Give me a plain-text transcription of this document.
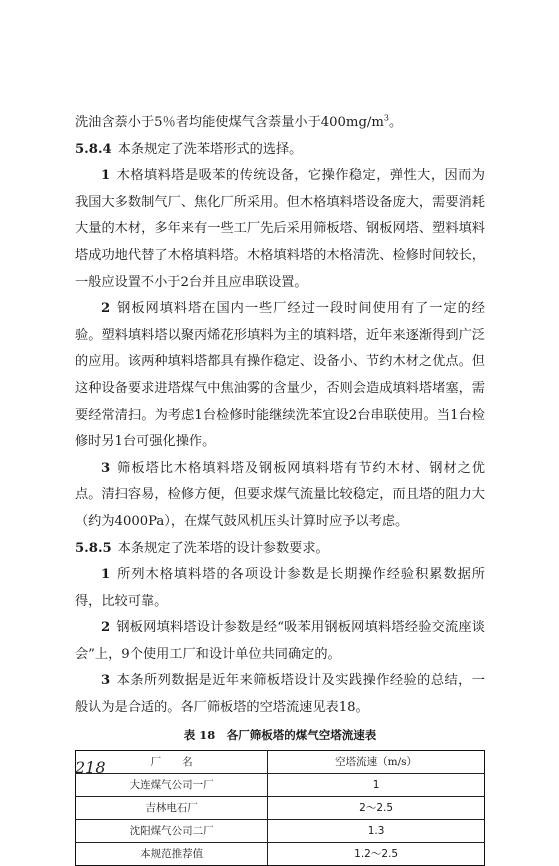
洗油含萘小于5％者均能使煤气含萘量小于$400mg/m^3$。

5.8.4 本条规定了洗苯塔形式的选择。

1 木格填料塔是吸苯的传统设备，它操作稳定，弹性大，因而为我国大多数制气厂、焦化厂所采用。但木格填料塔设备庞大，需要消耗大量的木材，多年来有一些工厂先后采用筛板塔、钢板网塔、塑料填料塔成功地代替了木格填料塔。木格填料塔的木格清洗、检修时间较长，一般应设置不小于2台并且应串联设置。

2 钢板网填料塔在国内一些厂经过一段时间使用有了一定的经验。塑料填料塔以聚丙烯花形填料为主的填料塔，近年来逐渐得到广泛的应用。该两种填料塔都具有操作稳定、设备小、节约木材之优点。但这种设备要求进塔煤气中焦油雾的含量少，否则会造成填料塔堵塞，需要经常清扫。为考虑1台检修时能继续洗苯宜设2台串联使用。当1台检修时另1台可强化操作。

3 筛板塔比木格填料塔及钢板网填料塔有节约木材、钢材之优点。清扫容易，检修方便，但要求煤气流量比较稳定，而且塔的阻力大（约为4000Pa），在煤气鼓风机压头计算时应予以考虑。

5.8.5 本条规定了洗苯塔的设计参数要求。

1 所列木格填料塔的各项设计参数是长期操作经验积累数据所得，比较可靠。

2 钢板网填料塔设计参数是经“吸苯用钢板网填料塔经验交流座谈会”上，9个使用工厂和设计单位共同确定的。

3 本条所列数据是近年来筛板塔设计及实践操作经验的总结，一般认为是合适的。各厂筛板塔的空塔流速见表18。

表 18　各厂筛板塔的煤气空塔流速表
厂　　名	空塔流速（m/s）
大连煤气公司一厂	1
吉林电石厂	2～2.5
沈阳煤气公司二厂	1.3
本规范推荐值	1.2～2.5
218
